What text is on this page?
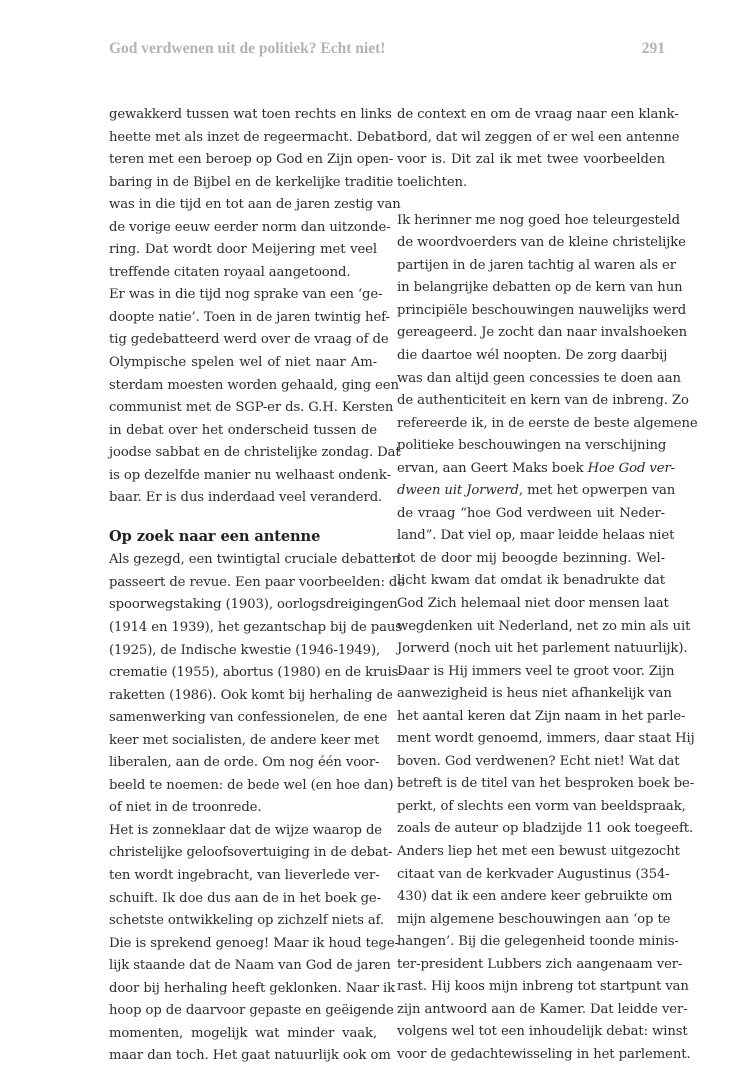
God verdwenen uit de politiek? Echt niet!	291
gewakkerd tussen wat toen rechts en links
heette met als inzet de regeermacht. Debat-
teren met een beroep op God en Zijn open-
baring in de Bijbel en de kerkelijke traditie
was in die tijd en tot aan de jaren zestig van
de vorige eeuw eerder norm dan uitzonde-
ring. Dat wordt door Meijering met veel
treffende citaten royaal aangetoond.
Er was in die tijd nog sprake van een ‘ge-
doopte natie’. Toen in de jaren twintig hef-
tig gedebatteerd werd over de vraag of de
Olympische spelen wel of niet naar Am-
sterdam moesten worden gehaald, ging een
communist met de SGP-er ds. G.H. Kersten
in debat over het onderscheid tussen de
joodse sabbat en de christelijke zondag. Dat
is op dezelfde manier nu welhaast ondenk-
baar. Er is dus inderdaad veel veranderd.
Op zoek naar een antenne
Als gezegd, een twintigtal cruciale debatten
passeert de revue. Een paar voorbeelden: de
spoorwegstaking (1903), oorlogsdreigingen
(1914 en 1939), het gezantschap bij de paus
(1925), de Indische kwestie (1946-1949),
crematie (1955), abortus (1980) en de kruis-
raketten (1986). Ook komt bij herhaling de
samenwerking van confessionelen, de ene
keer met socialisten, de andere keer met
liberalen, aan de orde. Om nog één voor-
beeld te noemen: de bede wel (en hoe dan)
of niet in de troonrede.
Het is zonneklaar dat de wijze waarop de
christelijke geloofsovertuiging in de debat-
ten wordt ingebracht, van lieverlede ver-
schuift. Ik doe dus aan de in het boek ge-
schetste ontwikkeling op zichzelf niets af.
Die is sprekend genoeg! Maar ik houd tege-
lijk staande dat de Naam van God de jaren
door bij herhaling heeft geklonken. Naar ik
hoop op de daarvoor gepaste en geëigende
momenten, mogelijk wat minder vaak,
maar dan toch. Het gaat natuurlijk ook om
de context en om de vraag naar een klank-
bord, dat wil zeggen of er wel een antenne
voor is. Dit zal ik met twee voorbeelden
toelichten.
Ik herinner me nog goed hoe teleurgesteld
de woordvoerders van de kleine christelijke
partijen in de jaren tachtig al waren als er
in belangrijke debatten op de kern van hun
principiële beschouwingen nauwelijks werd
gereageerd. Je zocht dan naar invalshoeken
die daartoe wél noopten. De zorg daarbij
was dan altijd geen concessies te doen aan
de authenticiteit en kern van de inbreng. Zo
refereerde ik, in de eerste de beste algemene
politieke beschouwingen na verschijning
ervan, aan Geert Maks boek Hoe God ver-
dween uit Jorwerd, met het opwerpen van
de vraag “hoe God verdween uit Neder-
land”. Dat viel op, maar leidde helaas niet
tot de door mij beoogde bezinning. Wel-
licht kwam dat omdat ik benadrukte dat
God Zich helemaal niet door mensen laat
wegdenken uit Nederland, net zo min als uit
Jorwerd (noch uit het parlement natuurlijk).
Daar is Hij immers veel te groot voor. Zijn
aanwezigheid is heus niet afhankelijk van
het aantal keren dat Zijn naam in het parle-
ment wordt genoemd, immers, daar staat Hij
boven. God verdwenen? Echt niet! Wat dat
betreft is de titel van het besproken boek be-
perkt, of slechts een vorm van beeldspraak,
zoals de auteur op bladzijde 11 ook toegeeft.
Anders liep het met een bewust uitgezocht
citaat van de kerkvader Augustinus (354-
430) dat ik een andere keer gebruikte om
mijn algemene beschouwingen aan ‘op te
hangen’. Bij die gelegenheid toonde minis-
ter-president Lubbers zich aangenaam ver-
rast. Hij koos mijn inbreng tot startpunt van
zijn antwoord aan de Kamer. Dat leidde ver-
volgens wel tot een inhoudelijk debat: winst
voor de gedachtewisseling in het parlement.
